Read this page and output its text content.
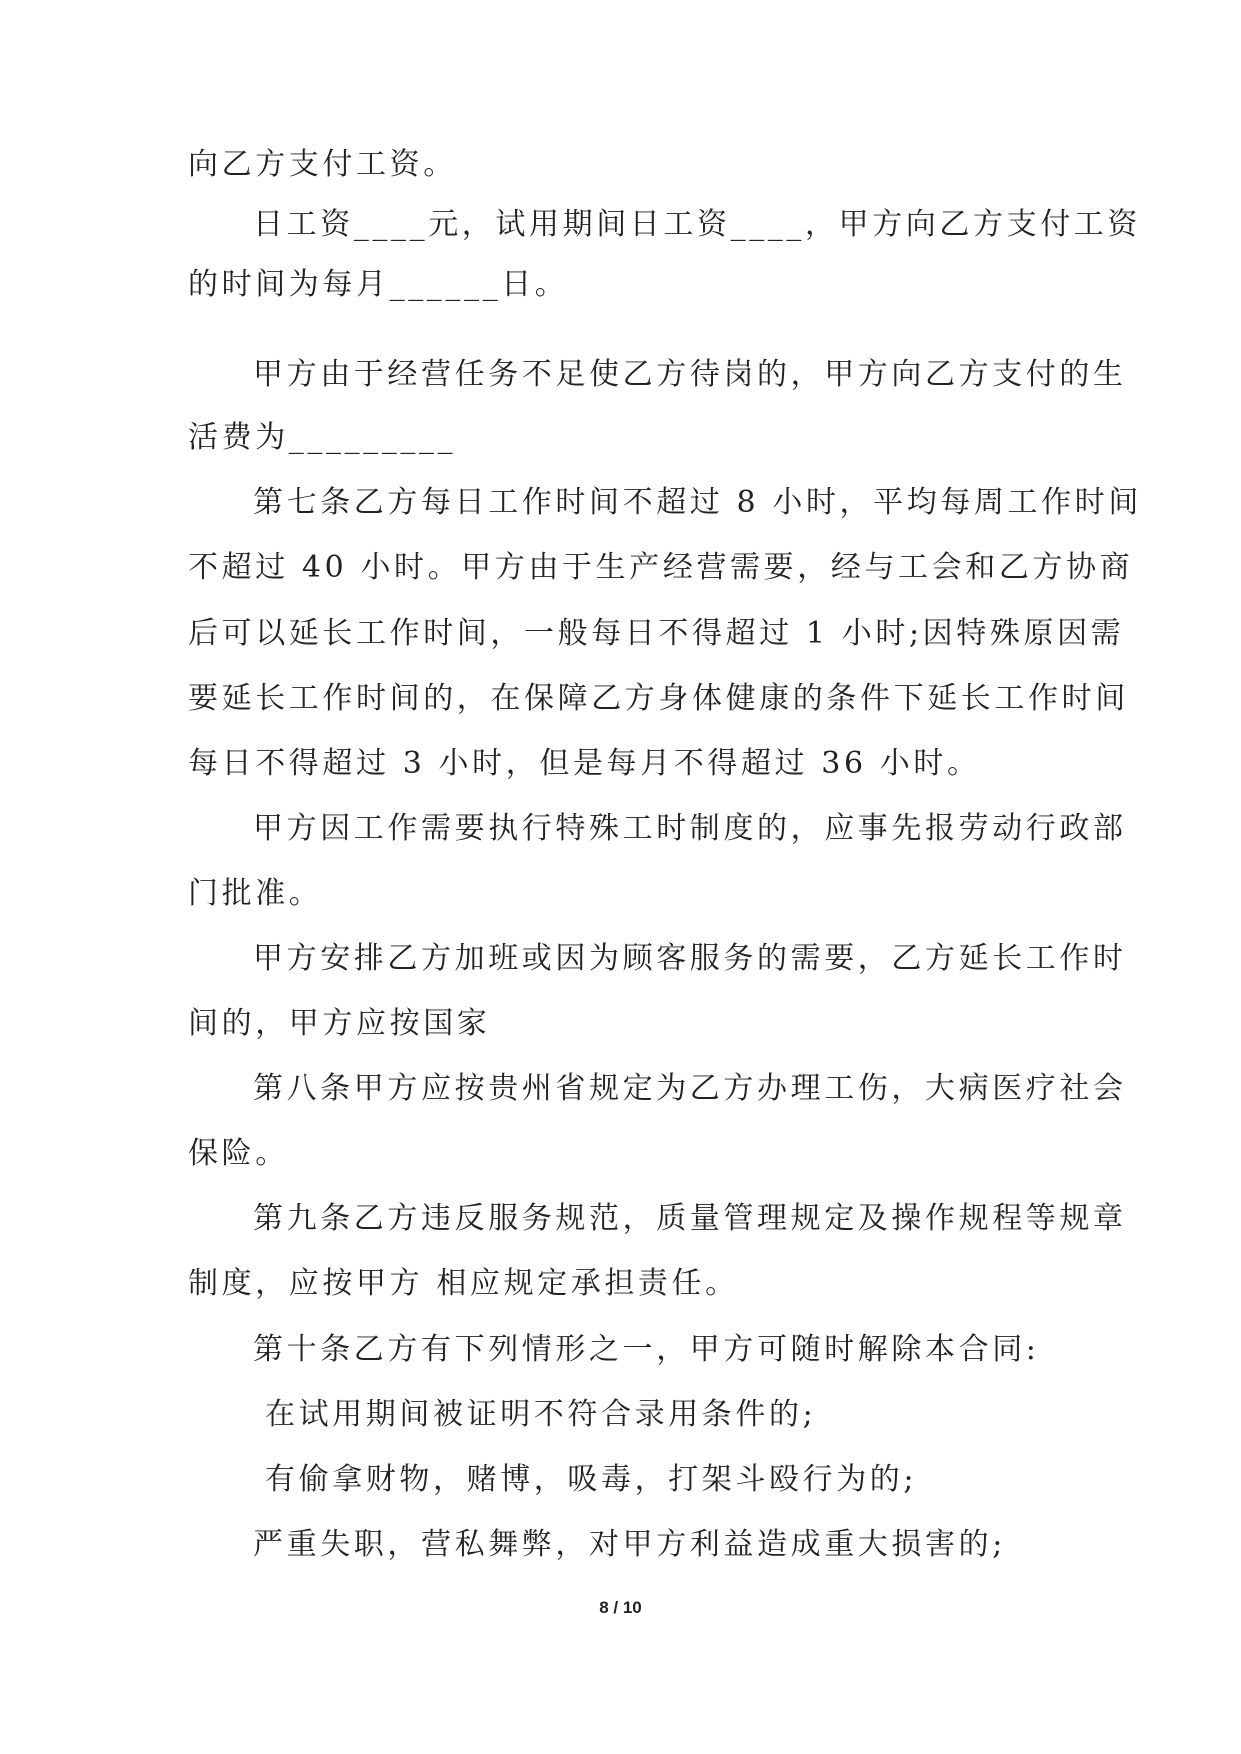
向乙方支付工资。
日工资____元，试用期间日工资____，甲方向乙方支付工资
的时间为每月______日。
甲方由于经营任务不足使乙方待岗的，甲方向乙方支付的生
活费为_________
第七条乙方每日工作时间不超过 8 小时，平均每周工作时间
不超过 40 小时。甲方由于生产经营需要，经与工会和乙方协商
后可以延长工作时间，一般每日不得超过 1 小时;因特殊原因需
要延长工作时间的，在保障乙方身体健康的条件下延长工作时间
每日不得超过 3 小时，但是每月不得超过 36 小时。
甲方因工作需要执行特殊工时制度的，应事先报劳动行政部
门批准。
甲方安排乙方加班或因为顾客服务的需要，乙方延长工作时
间的，甲方应按国家
第八条甲方应按贵州省规定为乙方办理工伤，大病医疗社会
保险。
第九条乙方违反服务规范，质量管理规定及操作规程等规章
制度，应按甲方 相应规定承担责任。
第十条乙方有下列情形之一，甲方可随时解除本合同:
在试用期间被证明不符合录用条件的;
有偷拿财物，赌博，吸毒，打架斗殴行为的;
严重失职，营私舞弊，对甲方利益造成重大损害的;
8 / 10
